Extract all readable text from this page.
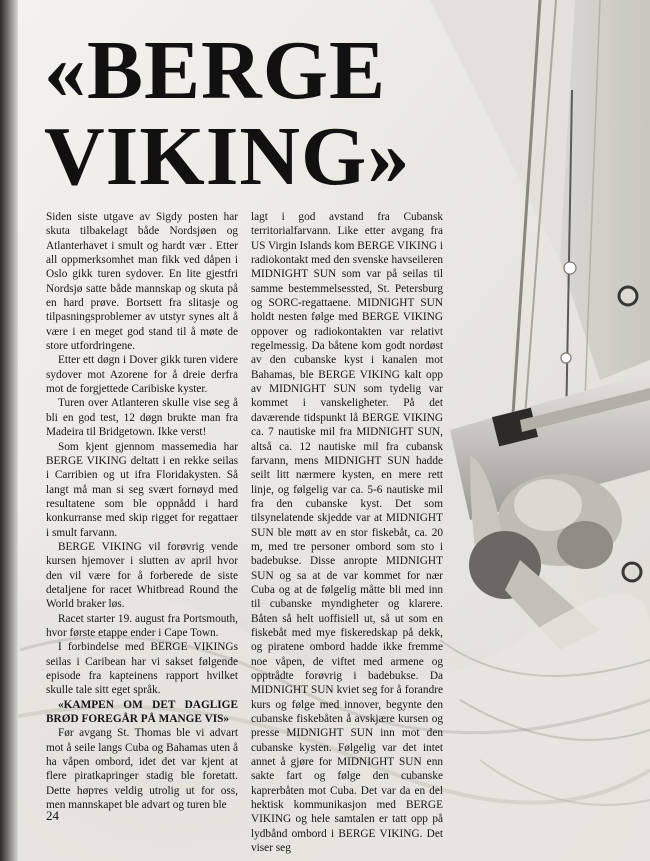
«BERGE
VIKING»

Siden siste utgave av Sigdy posten har skuta tilbakelagt både Nordsjøen og Atlanterhavet i smult og hardt vær . Etter all oppmerksomhet man fikk ved dåpen i Oslo gikk turen sydover. En lite gjestfri Nordsjø satte både mannskap og skuta på en hard prøve. Bortsett fra slitasje og tilpasningsproblemer av utstyr synes alt å være i en meget god stand til å møte de store utfordringene.

Etter ett døgn i Dover gikk turen videre sydover mot Azorene for å dreie derfra mot de forgjettede Caribiske kyster.

Turen over Atlanteren skulle vise seg å bli en god test, 12 døgn brukte man fra Madeira til Bridgetown. Ikke verst!

Som kjent gjennom massemedia har BERGE VIKING deltatt i en rekke seilas i Carribien og ut ifra Floridakysten. Så langt må man si seg svært fornøyd med resultatene som ble oppnådd i hard konkurranse med skip rigget for regattaer i smult farvann.

BERGE VIKING vil forøvrig vende kursen hjemover i slutten av april hvor den vil være for å forberede de siste detaljene for racet Whitbread Round the World braker løs.

Racet starter 19. august fra Portsmouth, hvor første etappe ender i Cape Town.

I forbindelse med BERGE VIKINGs seilas i Caribean har vi sakset følgende episode fra kapteinens rapport hvilket skulle tale sitt eget språk.

«KAMPEN OM DET DAGLIGE BRØD FOREGÅR PÅ MANGE VIS»

Før avgang St. Thomas ble vi advart mot å seile langs Cuba og Bahamas uten å ha våpen ombord, idet det var kjent at flere piratkapringer stadig ble foretatt. Dette høртes veldig utrolig ut for oss, men mannskapet ble advart og turen ble

lagt i god avstand fra Cubansk territorialfarvann. Like etter avgang fra US Virgin Islands kom BERGE VIKING i radiokontakt med den svenske havseileren MIDNIGHT SUN som var på seilas til samme bestemmelsessted, St. Petersburg og SORC-regattaene. MIDNIGHT SUN holdt nesten følge med BERGE VIKING oppover og radiokontakten var relativt regelmessig. Da båtene kom godt nordøst av den cubanske kyst i kanalen mot Bahamas, ble BERGE VIKING kalt opp av MIDNIGHT SUN som tydelig var kommet i vanskeligheter. På det daværende tidspunkt lå BERGE VIKING ca. 7 nautiske mil fra MIDNIGHT SUN, altså ca. 12 nautiske mil fra cubansk farvann, mens MIDNIGHT SUN hadde seilt litt nærmere kysten, en mere rett linje, og følgelig var ca. 5-6 nautiske mil fra den cubanske kyst. Det som tilsynelatende skjedde var at MIDNIGHT SUN ble møtt av en stor fiskebåt, ca. 20 m, med tre personer ombord som sto i badebukse. Disse anropte MIDNIGHT SUN og sa at de var kommet for nær Cuba og at de følgelig måtte bli med inn til cubanske myndigheter og klarere. Båten så helt uoffisiell ut, så ut som en fiskebåt med mye fiskeredskap på dekk, og piratene ombord hadde ikke fremme noe våpen, de viftet med armene og opptrådte forøvrig i badebukse. Da MIDNIGHT SUN kviet seg for å forandre kurs og følge med innover, begynte den cubanske fiskebåten å avskjære kursen og presse MIDNIGHT SUN inn mot den cubanske kysten. Følgelig var det intet annet å gjøre for MIDNIGHT SUN enn sakte fart og følge den cubanske kaprerbåten mot Cuba. Det var da en del hektisk kommunikasjon med BERGE VIKING og hele samtalen er tatt opp på lydbånd ombord i BERGE VIKING. Det viser seg

24
